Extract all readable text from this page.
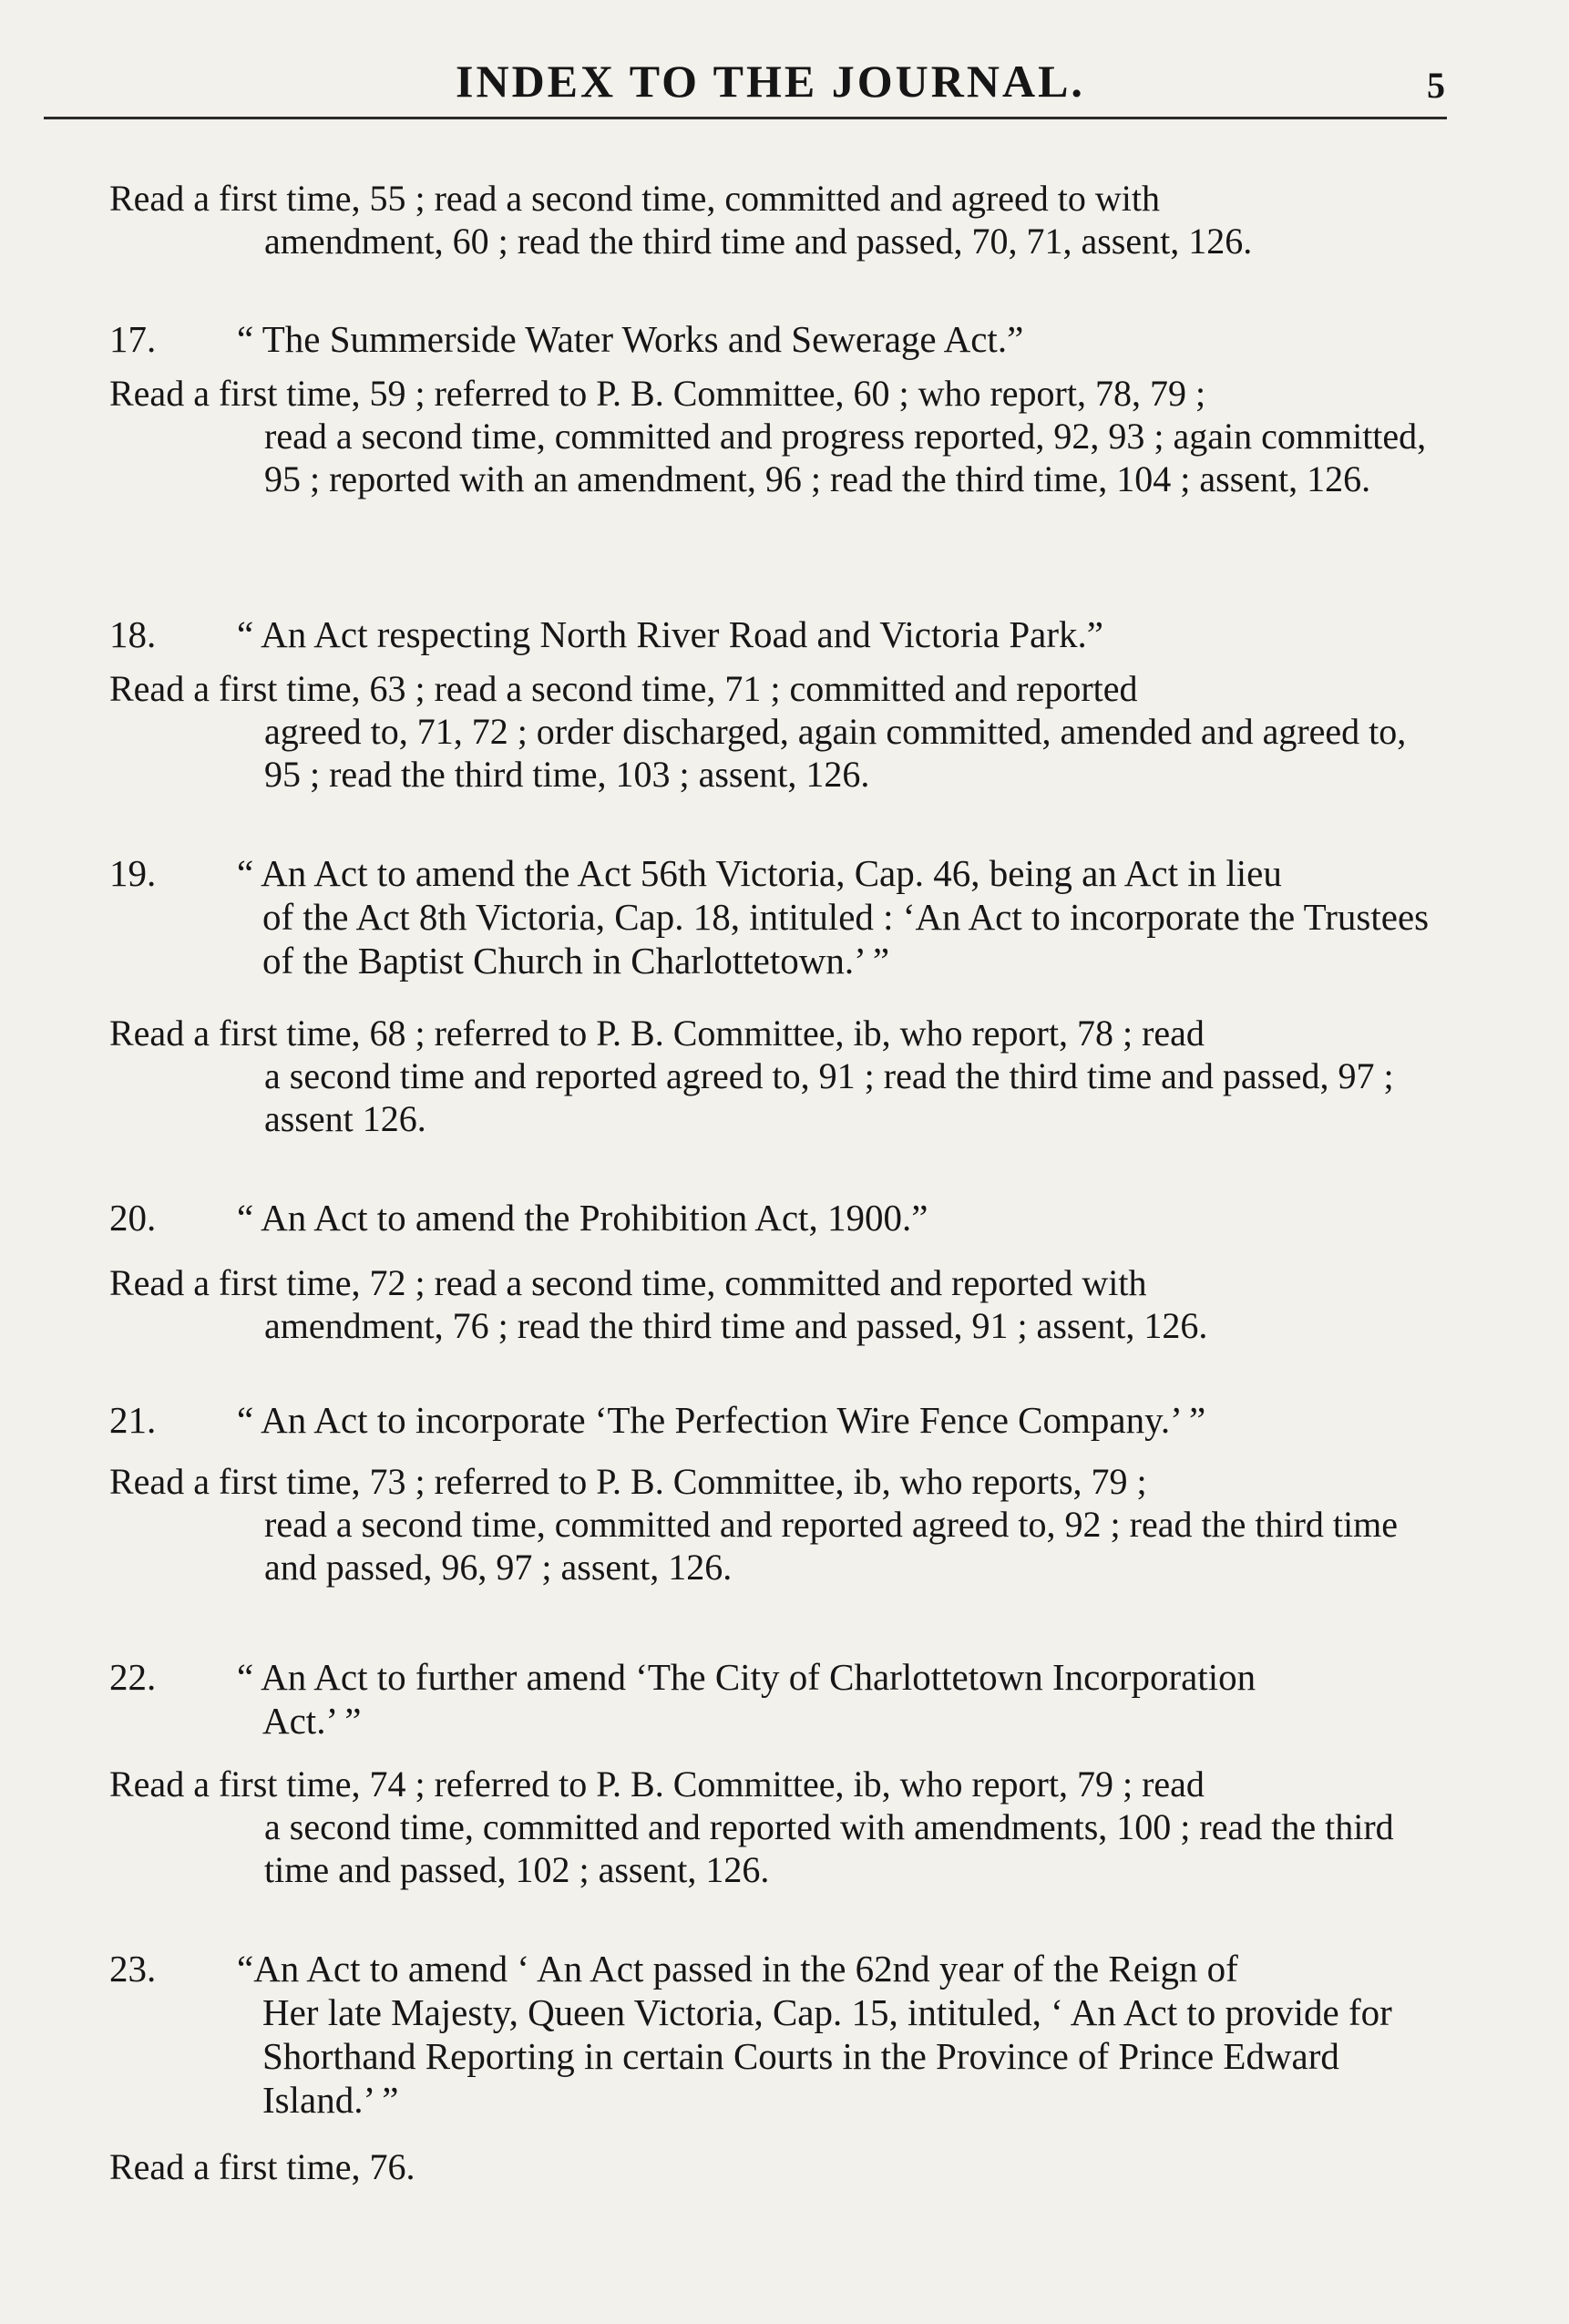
INDEX TO THE JOURNAL.	5
Read a first time, 55 ; read a second time, committed and agreed to with
amendment, 60 ; read the third time and passed, 70, 71, assent, 126.
17. “ The Summerside Water Works and Sewerage Act.”
Read a first time, 59 ; referred to P. B. Committee, 60 ; who report, 78, 79 ;
read a second time, committed and progress reported, 92, 93 ; again committed, 95 ; reported with an amendment, 96 ; read the third time, 104 ; assent, 126.
18. “ An Act respecting North River Road and Victoria Park.”
Read a first time, 63 ; read a second time, 71 ; committed and reported
agreed to, 71, 72 ; order discharged, again committed, amended and agreed to, 95 ; read the third time, 103 ; assent, 126.
19. “ An Act to amend the Act 56th Victoria, Cap. 46, being an Act in lieu
of the Act 8th Victoria, Cap. 18, intituled : ‘An Act to incorporate the Trustees of the Baptist Church in Charlottetown.’ ”
Read a first time, 68 ; referred to P. B. Committee, ib, who report, 78 ; read
a second time and reported agreed to, 91 ; read the third time and passed, 97 ; assent 126.
20. “ An Act to amend the Prohibition Act, 1900.”
Read a first time, 72 ; read a second time, committed and reported with
amendment, 76 ; read the third time and passed, 91 ; assent, 126.
21. “ An Act to incorporate ‘The Perfection Wire Fence Company.’ ”
Read a first time, 73 ; referred to P. B. Committee, ib, who reports, 79 ;
read a second time, committed and reported agreed to, 92 ; read the third time and passed, 96, 97 ; assent, 126.
22. “ An Act to further amend ‘The City of Charlottetown Incorporation
Act.’ ”
Read a first time, 74 ; referred to P. B. Committee, ib, who report, 79 ; read
a second time, committed and reported with amendments, 100 ; read the third time and passed, 102 ; assent, 126.
23. “An Act to amend ‘ An Act passed in the 62nd year of the Reign of
Her late Majesty, Queen Victoria, Cap. 15, intituled, ‘ An Act to provide for Shorthand Reporting in certain Courts in the Province of Prince Edward Island.’ ”
Read a first time, 76.
